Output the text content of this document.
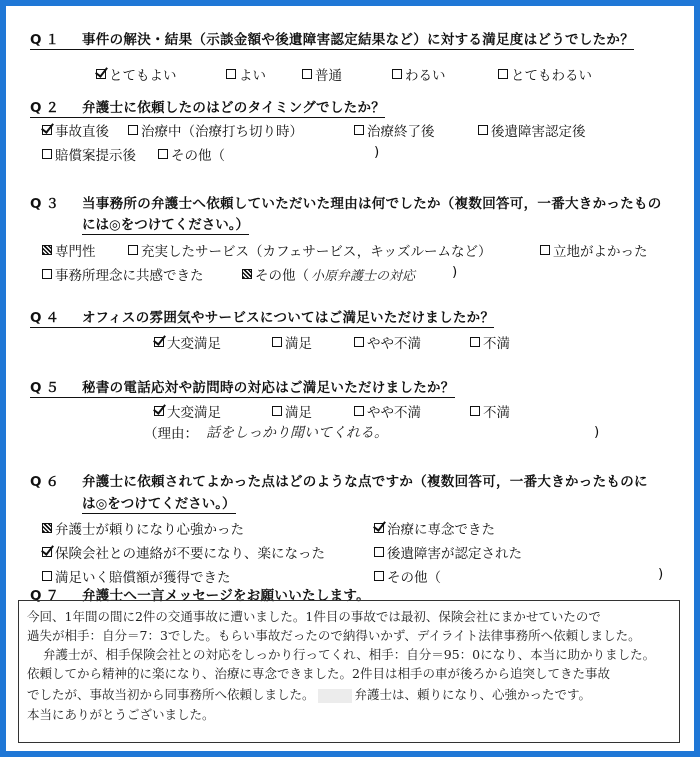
Q１ 事件の解決・結果（示談金額や後遺障害認定結果など）に対する満足度はどうでしたか？
とてもよい	よい	普通	わるい	とてもわるい
Q２ 弁護士に依頼したのはどのタイミングでしたか？
事故直後 治療中（治療打ち切り時）	治療終了後	後遺障害認定後
賠償案提示後	その他（	)
Q３ 当事務所の弁護士へ依頼していただいた理由は何でしたか（複数回答可，一番大きかったもの
には◎をつけてください。）
専門性	充実したサービス（カフェサービス，キッズルームなど）	立地がよかった
事務所理念に共感できた	その他（ 小原弁護士の対応	)
Q４ オフィスの雰囲気やサービスについてはご満足いただけましたか？
大変満足	満足	やや不満	不満
Q５ 秘書の電話応対や訪問時の対応はご満足いただけましたか？
大変満足	満足	やや不満	不満
（理由： 話をしっかり聞いてくれる。	)
Q６ 弁護士に依頼されてよかった点はどのような点ですか（複数回答可，一番大きかったものに
は◎をつけてください。）
弁護士が頼りになり心強かった	治療に専念できた
保険会社との連絡が不要になり、楽になった	後遺障害が認定された
満足いく賠償額が獲得できた	その他（	)
Q７ 弁護士へ一言メッセージをお願いいたします。
今回、1年間の間に2件の交通事故に遭いました。1件目の事故では最初、保険会社にまかせていたので
過失が相手：自分＝7：3でした。もらい事故だったので納得いかず、デイライト法律事務所へ依頼しました。
弁護士が、相手保険会社との対応をしっかり行ってくれ、相手：自分＝95：0になり、本当に助かりました。
依頼してから精神的に楽になり、治療に専念できました。2件目は相手の車が後ろから追突してきた事故
でしたが、事故当初から同事務所へ依頼しました。	弁護士は、頼りになり、心強かったです。
本当にありがとうございました。
